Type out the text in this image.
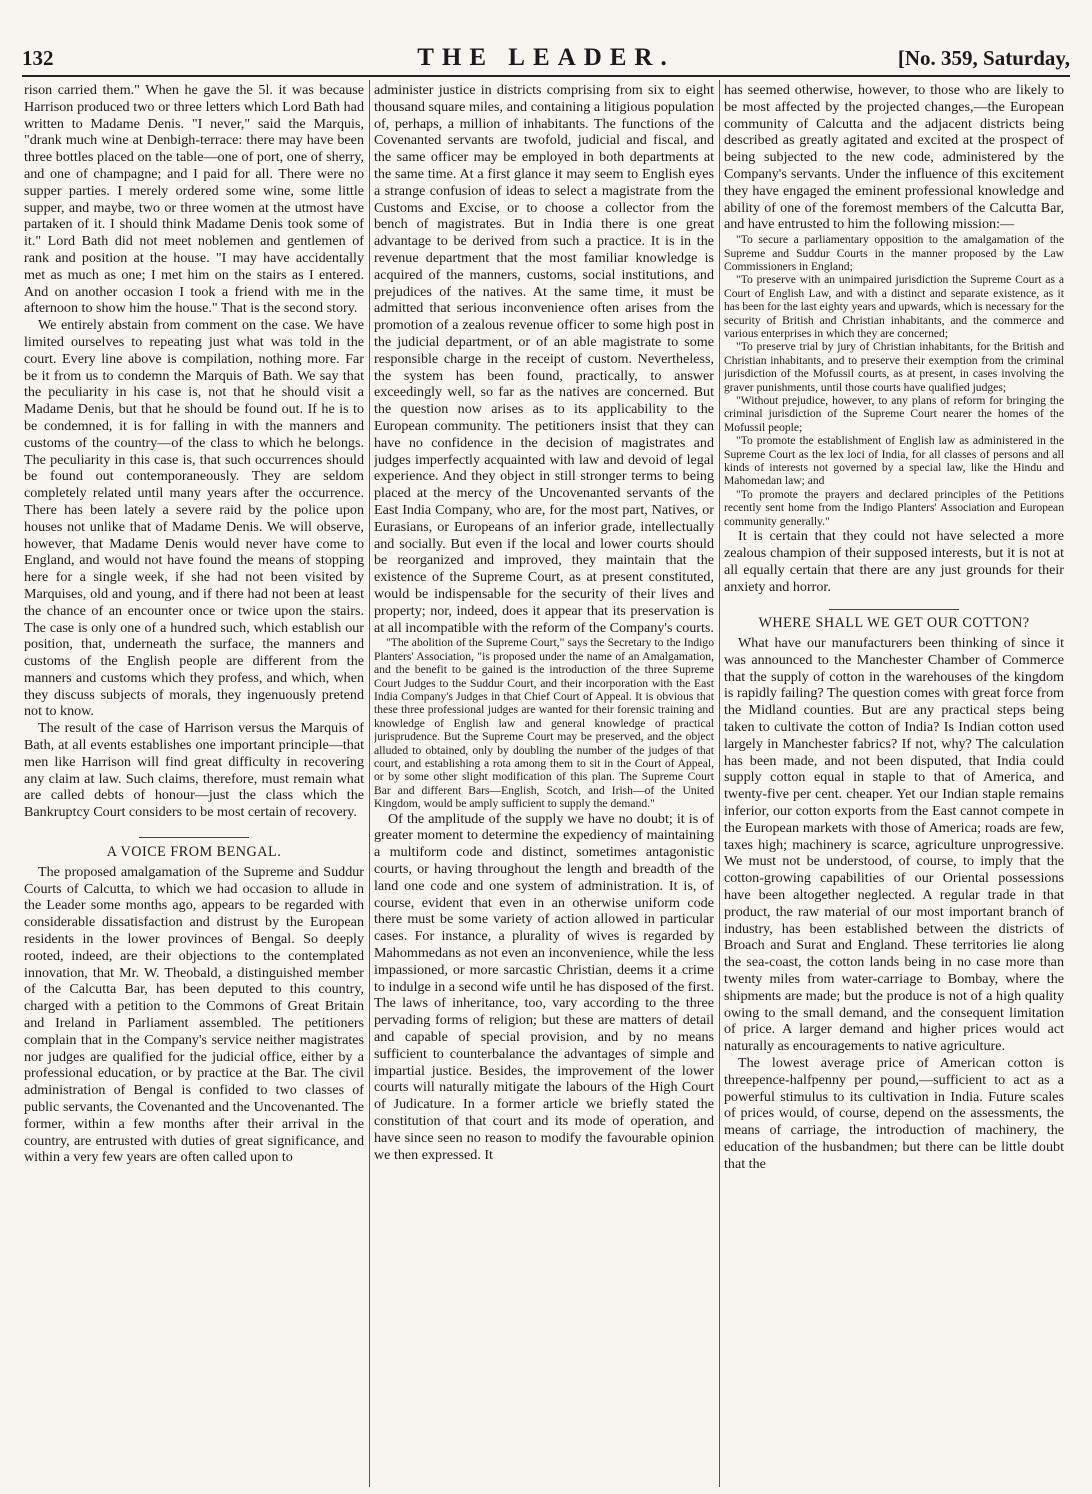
132	THE LEADER.	[No. 359, Saturday,

rison carried them." When he gave the 5l. it was because Harrison produced two or three letters which Lord Bath had written to Madame Denis. "I never," said the Marquis, "drank much wine at Denbigh-terrace: there may have been three bottles placed on the table—one of port, one of sherry, and one of champagne; and I paid for all. There were no supper parties. I merely ordered some wine, some little supper, and maybe, two or three women at the utmost have partaken of it. I should think Madame Denis took some of it." Lord Bath did not meet noblemen and gentlemen of rank and position at the house. "I may have accidentally met as much as one; I met him on the stairs as I entered. And on another occasion I took a friend with me in the afternoon to show him the house." That is the second story.

We entirely abstain from comment on the case. We have limited ourselves to repeating just what was told in the court. Every line above is compilation, nothing more. Far be it from us to condemn the Marquis of Bath. We say that the peculiarity in his case is, not that he should visit a Madame Denis, but that he should be found out. If he is to be condemned, it is for falling in with the manners and customs of the country—of the class to which he belongs. The peculiarity in this case is, that such occurrences should be found out contemporaneously. They are seldom completely related until many years after the occurrence. There has been lately a severe raid by the police upon houses not unlike that of Madame Denis. We will observe, however, that Madame Denis would never have come to England, and would not have found the means of stopping here for a single week, if she had not been visited by Marquises, old and young, and if there had not been at least the chance of an encounter once or twice upon the stairs. The case is only one of a hundred such, which establish our position, that, underneath the surface, the manners and customs of the English people are different from the manners and customs which they profess, and which, when they discuss subjects of morals, they ingenuously pretend not to know.

The result of the case of Harrison versus the Marquis of Bath, at all events establishes one important principle—that men like Harrison will find great difficulty in recovering any claim at law. Such claims, therefore, must remain what are called debts of honour—just the class which the Bankruptcy Court considers to be most certain of recovery.

A VOICE FROM BENGAL.

The proposed amalgamation of the Supreme and Suddur Courts of Calcutta, to which we had occasion to allude in the Leader some months ago, appears to be regarded with considerable dissatisfaction and distrust by the European residents in the lower provinces of Bengal. So deeply rooted, indeed, are their objections to the contemplated innovation, that Mr. W. Theobald, a distinguished member of the Calcutta Bar, has been deputed to this country, charged with a petition to the Commons of Great Britain and Ireland in Parliament assembled. The petitioners complain that in the Company's service neither magistrates nor judges are qualified for the judicial office, either by a professional education, or by practice at the Bar. The civil administration of Bengal is confided to two classes of public servants, the Covenanted and the Uncovenanted. The former, within a few months after their arrival in the country, are entrusted with duties of great significance, and within a very few years are often called upon to

administer justice in districts comprising from six to eight thousand square miles, and containing a litigious population of, perhaps, a million of inhabitants. The functions of the Covenanted servants are twofold, judicial and fiscal, and the same officer may be employed in both departments at the same time. At a first glance it may seem to English eyes a strange confusion of ideas to select a magistrate from the Customs and Excise, or to choose a collector from the bench of magistrates. But in India there is one great advantage to be derived from such a practice. It is in the revenue department that the most familiar knowledge is acquired of the manners, customs, social institutions, and prejudices of the natives. At the same time, it must be admitted that serious inconvenience often arises from the promotion of a zealous revenue officer to some high post in the judicial department, or of an able magistrate to some responsible charge in the receipt of custom. Nevertheless, the system has been found, practically, to answer exceedingly well, so far as the natives are concerned. But the question now arises as to its applicability to the European community. The petitioners insist that they can have no confidence in the decision of magistrates and judges imperfectly acquainted with law and devoid of legal experience. And they object in still stronger terms to being placed at the mercy of the Uncovenanted servants of the East India Company, who are, for the most part, Natives, or Eurasians, or Europeans of an inferior grade, intellectually and socially. But even if the local and lower courts should be reorganized and improved, they maintain that the existence of the Supreme Court, as at present constituted, would be indispensable for the security of their lives and property; nor, indeed, does it appear that its preservation is at all incompatible with the reform of the Company's courts.

"The abolition of the Supreme Court," says the Secretary to the Indigo Planters' Association, "is proposed under the name of an Amalgamation, and the benefit to be gained is the introduction of the three Supreme Court Judges to the Suddur Court, and their incorporation with the East India Company's Judges in that Chief Court of Appeal. It is obvious that these three professional judges are wanted for their forensic training and knowledge of English law and general knowledge of practical jurisprudence. But the Supreme Court may be preserved, and the object alluded to obtained, only by doubling the number of the judges of that court, and establishing a rota among them to sit in the Court of Appeal, or by some other slight modification of this plan. The Supreme Court Bar and different Bars—English, Scotch, and Irish—of the United Kingdom, would be amply sufficient to supply the demand."

Of the amplitude of the supply we have no doubt; it is of greater moment to determine the expediency of maintaining a multiform code and distinct, sometimes antagonistic courts, or having throughout the length and breadth of the land one code and one system of administration. It is, of course, evident that even in an otherwise uniform code there must be some variety of action allowed in particular cases. For instance, a plurality of wives is regarded by Mahommedans as not even an inconvenience, while the less impassioned, or more sarcastic Christian, deems it a crime to indulge in a second wife until he has disposed of the first. The laws of inheritance, too, vary according to the three pervading forms of religion; but these are matters of detail and capable of special provision, and by no means sufficient to counterbalance the advantages of simple and impartial justice. Besides, the improvement of the lower courts will naturally mitigate the labours of the High Court of Judicature. In a former article we briefly stated the constitution of that court and its mode of operation, and have since seen no reason to modify the favourable opinion we then expressed. It

has seemed otherwise, however, to those who are likely to be most affected by the projected changes,—the European community of Calcutta and the adjacent districts being described as greatly agitated and excited at the prospect of being subjected to the new code, administered by the Company's servants. Under the influence of this excitement they have engaged the eminent professional knowledge and ability of one of the foremost members of the Calcutta Bar, and have entrusted to him the following mission:—

"To secure a parliamentary opposition to the amalgamation of the Supreme and Suddur Courts in the manner proposed by the Law Commissioners in England;

"To preserve with an unimpaired jurisdiction the Supreme Court as a Court of English Law, and with a distinct and separate existence, as it has been for the last eighty years and upwards, which is necessary for the security of British and Christian inhabitants, and the commerce and various enterprises in which they are concerned;

"To preserve trial by jury of Christian inhabitants, for the British and Christian inhabitants, and to preserve their exemption from the criminal jurisdiction of the Mofussil courts, as at present, in cases involving the graver punishments, until those courts have qualified judges;

"Without prejudice, however, to any plans of reform for bringing the criminal jurisdiction of the Supreme Court nearer the homes of the Mofussil people;

"To promote the establishment of English law as administered in the Supreme Court as the lex loci of India, for all classes of persons and all kinds of interests not governed by a special law, like the Hindu and Mahomedan law; and

"To promote the prayers and declared principles of the Petitions recently sent home from the Indigo Planters' Association and European community generally."

It is certain that they could not have selected a more zealous champion of their supposed interests, but it is not at all equally certain that there are any just grounds for their anxiety and horror.

WHERE SHALL WE GET OUR COTTON?

What have our manufacturers been thinking of since it was announced to the Manchester Chamber of Commerce that the supply of cotton in the warehouses of the kingdom is rapidly failing? The question comes with great force from the Midland counties. But are any practical steps being taken to cultivate the cotton of India? Is Indian cotton used largely in Manchester fabrics? If not, why? The calculation has been made, and not been disputed, that India could supply cotton equal in staple to that of America, and twenty-five per cent. cheaper. Yet our Indian staple remains inferior, our cotton exports from the East cannot compete in the European markets with those of America; roads are few, taxes high; machinery is scarce, agriculture unprogressive. We must not be understood, of course, to imply that the cotton-growing capabilities of our Oriental possessions have been altogether neglected. A regular trade in that product, the raw material of our most important branch of industry, has been established between the districts of Broach and Surat and England. These territories lie along the sea-coast, the cotton lands being in no case more than twenty miles from water-carriage to Bombay, where the shipments are made; but the produce is not of a high quality owing to the small demand, and the consequent limitation of price. A larger demand and higher prices would act naturally as encouragements to native agriculture.

The lowest average price of American cotton is threepence-halfpenny per pound,—sufficient to act as a powerful stimulus to its cultivation in India. Future scales of prices would, of course, depend on the assessments, the means of carriage, the introduction of machinery, the education of the husbandmen; but there can be little doubt that the
